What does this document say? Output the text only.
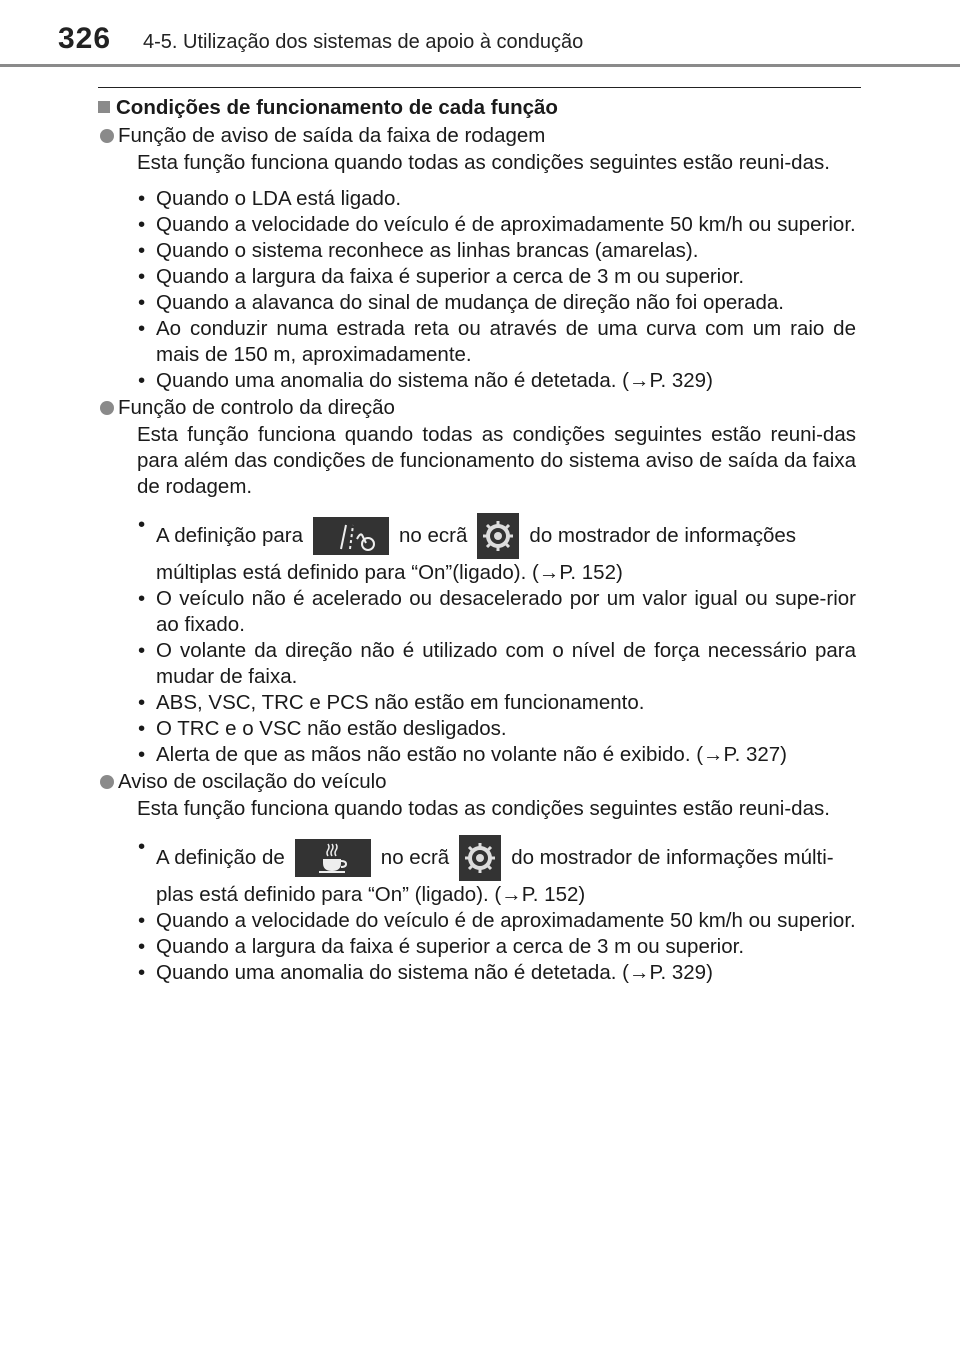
326 4-5. Utilização dos sistemas de apoio à condução

Condições de funcionamento de cada função

Função de aviso de saída da faixa de rodagem

Esta função funciona quando todas as condições seguintes estão reuni-das.

• Quando o LDA está ligado.
• Quando a velocidade do veículo é de aproximadamente 50 km/h ou superior.
• Quando o sistema reconhece as linhas brancas (amarelas).
• Quando a largura da faixa é superior a cerca de 3 m ou superior.
• Quando a alavanca do sinal de mudança de direção não foi operada.
• Ao conduzir numa estrada reta ou através de uma curva com um raio de mais de 150 m, aproximadamente.
• Quando uma anomalia do sistema não é detetada. (→P. 329)

Função de controlo da direção

Esta função funciona quando todas as condições seguintes estão reuni-das para além das condições de funcionamento do sistema aviso de saída da faixa de rodagem.

• A definição para	no ecrã	do mostrador de informações
múltiplas está definido para “On”(ligado). (→P. 152)
• O veículo não é acelerado ou desacelerado por um valor igual ou supe-rior ao fixado.
• O volante da direção não é utilizado com o nível de força necessário para mudar de faixa.
• ABS, VSC, TRC e PCS não estão em funcionamento.
• O TRC e o VSC não estão desligados.
• Alerta de que as mãos não estão no volante não é exibido. (→P. 327)

Aviso de oscilação do veículo

Esta função funciona quando todas as condições seguintes estão reuni-das.

• A definição de	no ecrã	do mostrador de informações múlti-
plas está definido para “On” (ligado). (→P. 152)
• Quando a velocidade do veículo é de aproximadamente 50 km/h ou superior.
• Quando a largura da faixa é superior a cerca de 3 m ou superior.
• Quando uma anomalia do sistema não é detetada. (→P. 329)
